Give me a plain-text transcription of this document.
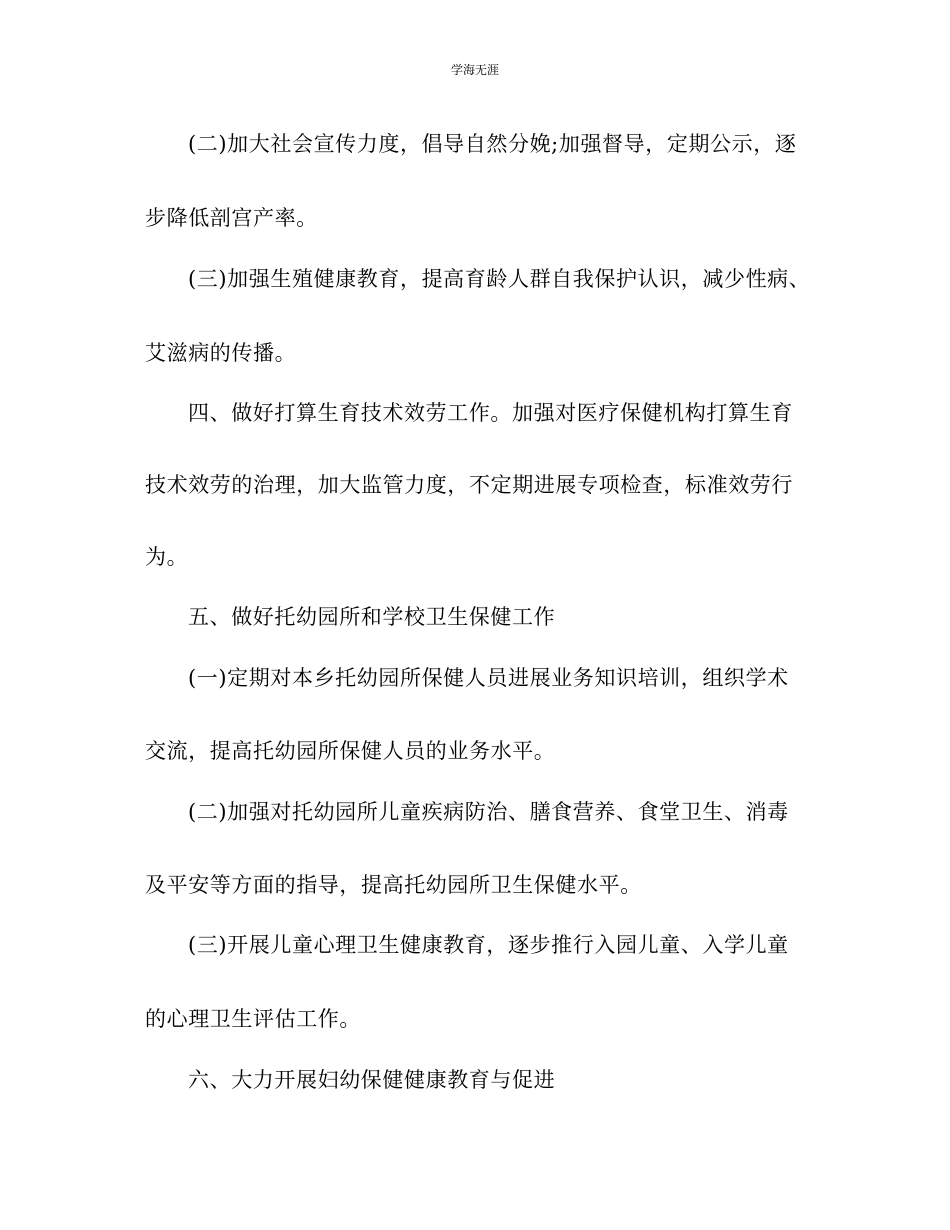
学海无涯
(二)加大社会宣传力度，倡导自然分娩;加强督导，定期公示，逐
步降低剖宫产率。
(三)加强生殖健康教育，提高育龄人群自我保护认识，减少性病、
艾滋病的传播。
四、做好打算生育技术效劳工作。加强对医疗保健机构打算生育
技术效劳的治理，加大监管力度，不定期进展专项检查，标准效劳行
为。
五、做好托幼园所和学校卫生保健工作
(一)定期对本乡托幼园所保健人员进展业务知识培训，组织学术
交流，提高托幼园所保健人员的业务水平。
(二)加强对托幼园所儿童疾病防治、膳食营养、食堂卫生、消毒
及平安等方面的指导，提高托幼园所卫生保健水平。
(三)开展儿童心理卫生健康教育，逐步推行入园儿童、入学儿童
的心理卫生评估工作。
六、大力开展妇幼保健健康教育与促进
